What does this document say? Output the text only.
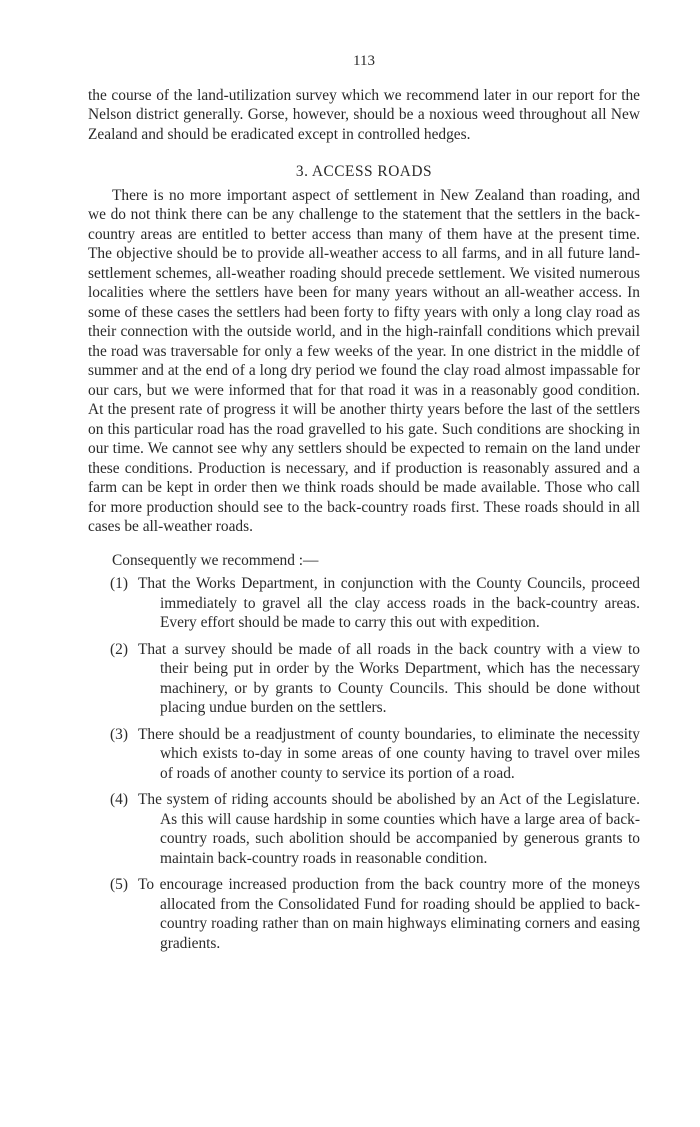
113

the course of the land-utilization survey which we recommend later in our report for the Nelson district generally. Gorse, however, should be a noxious weed throughout all New Zealand and should be eradicated except in controlled hedges.

3. ACCESS ROADS

There is no more important aspect of settlement in New Zealand than roading, and we do not think there can be any challenge to the statement that the settlers in the back-country areas are entitled to better access than many of them have at the present time. The objective should be to provide all-weather access to all farms, and in all future land-settlement schemes, all-weather roading should precede settlement. We visited numerous localities where the settlers have been for many years without an all-weather access. In some of these cases the settlers had been forty to fifty years with only a long clay road as their connection with the outside world, and in the high-rainfall conditions which prevail the road was traversable for only a few weeks of the year. In one district in the middle of summer and at the end of a long dry period we found the clay road almost impassable for our cars, but we were informed that for that road it was in a reasonably good condition. At the present rate of progress it will be another thirty years before the last of the settlers on this particular road has the road gravelled to his gate. Such conditions are shocking in our time. We cannot see why any settlers should be expected to remain on the land under these conditions. Production is necessary, and if production is reasonably assured and a farm can be kept in order then we think roads should be made available. Those who call for more production should see to the back-country roads first. These roads should in all cases be all-weather roads.

Consequently we recommend :—

(1) That the Works Department, in conjunction with the County Councils, proceed immediately to gravel all the clay access roads in the back-country areas. Every effort should be made to carry this out with expedition.
(2) That a survey should be made of all roads in the back country with a view to their being put in order by the Works Department, which has the necessary machinery, or by grants to County Councils. This should be done without placing undue burden on the settlers.
(3) There should be a readjustment of county boundaries, to eliminate the necessity which exists to-day in some areas of one county having to travel over miles of roads of another county to service its portion of a road.
(4) The system of riding accounts should be abolished by an Act of the Legislature. As this will cause hardship in some counties which have a large area of back-country roads, such abolition should be accompanied by generous grants to maintain back-country roads in reasonable condition.
(5) To encourage increased production from the back country more of the moneys allocated from the Consolidated Fund for roading should be applied to back-country roading rather than on main highways eliminating corners and easing gradients.
